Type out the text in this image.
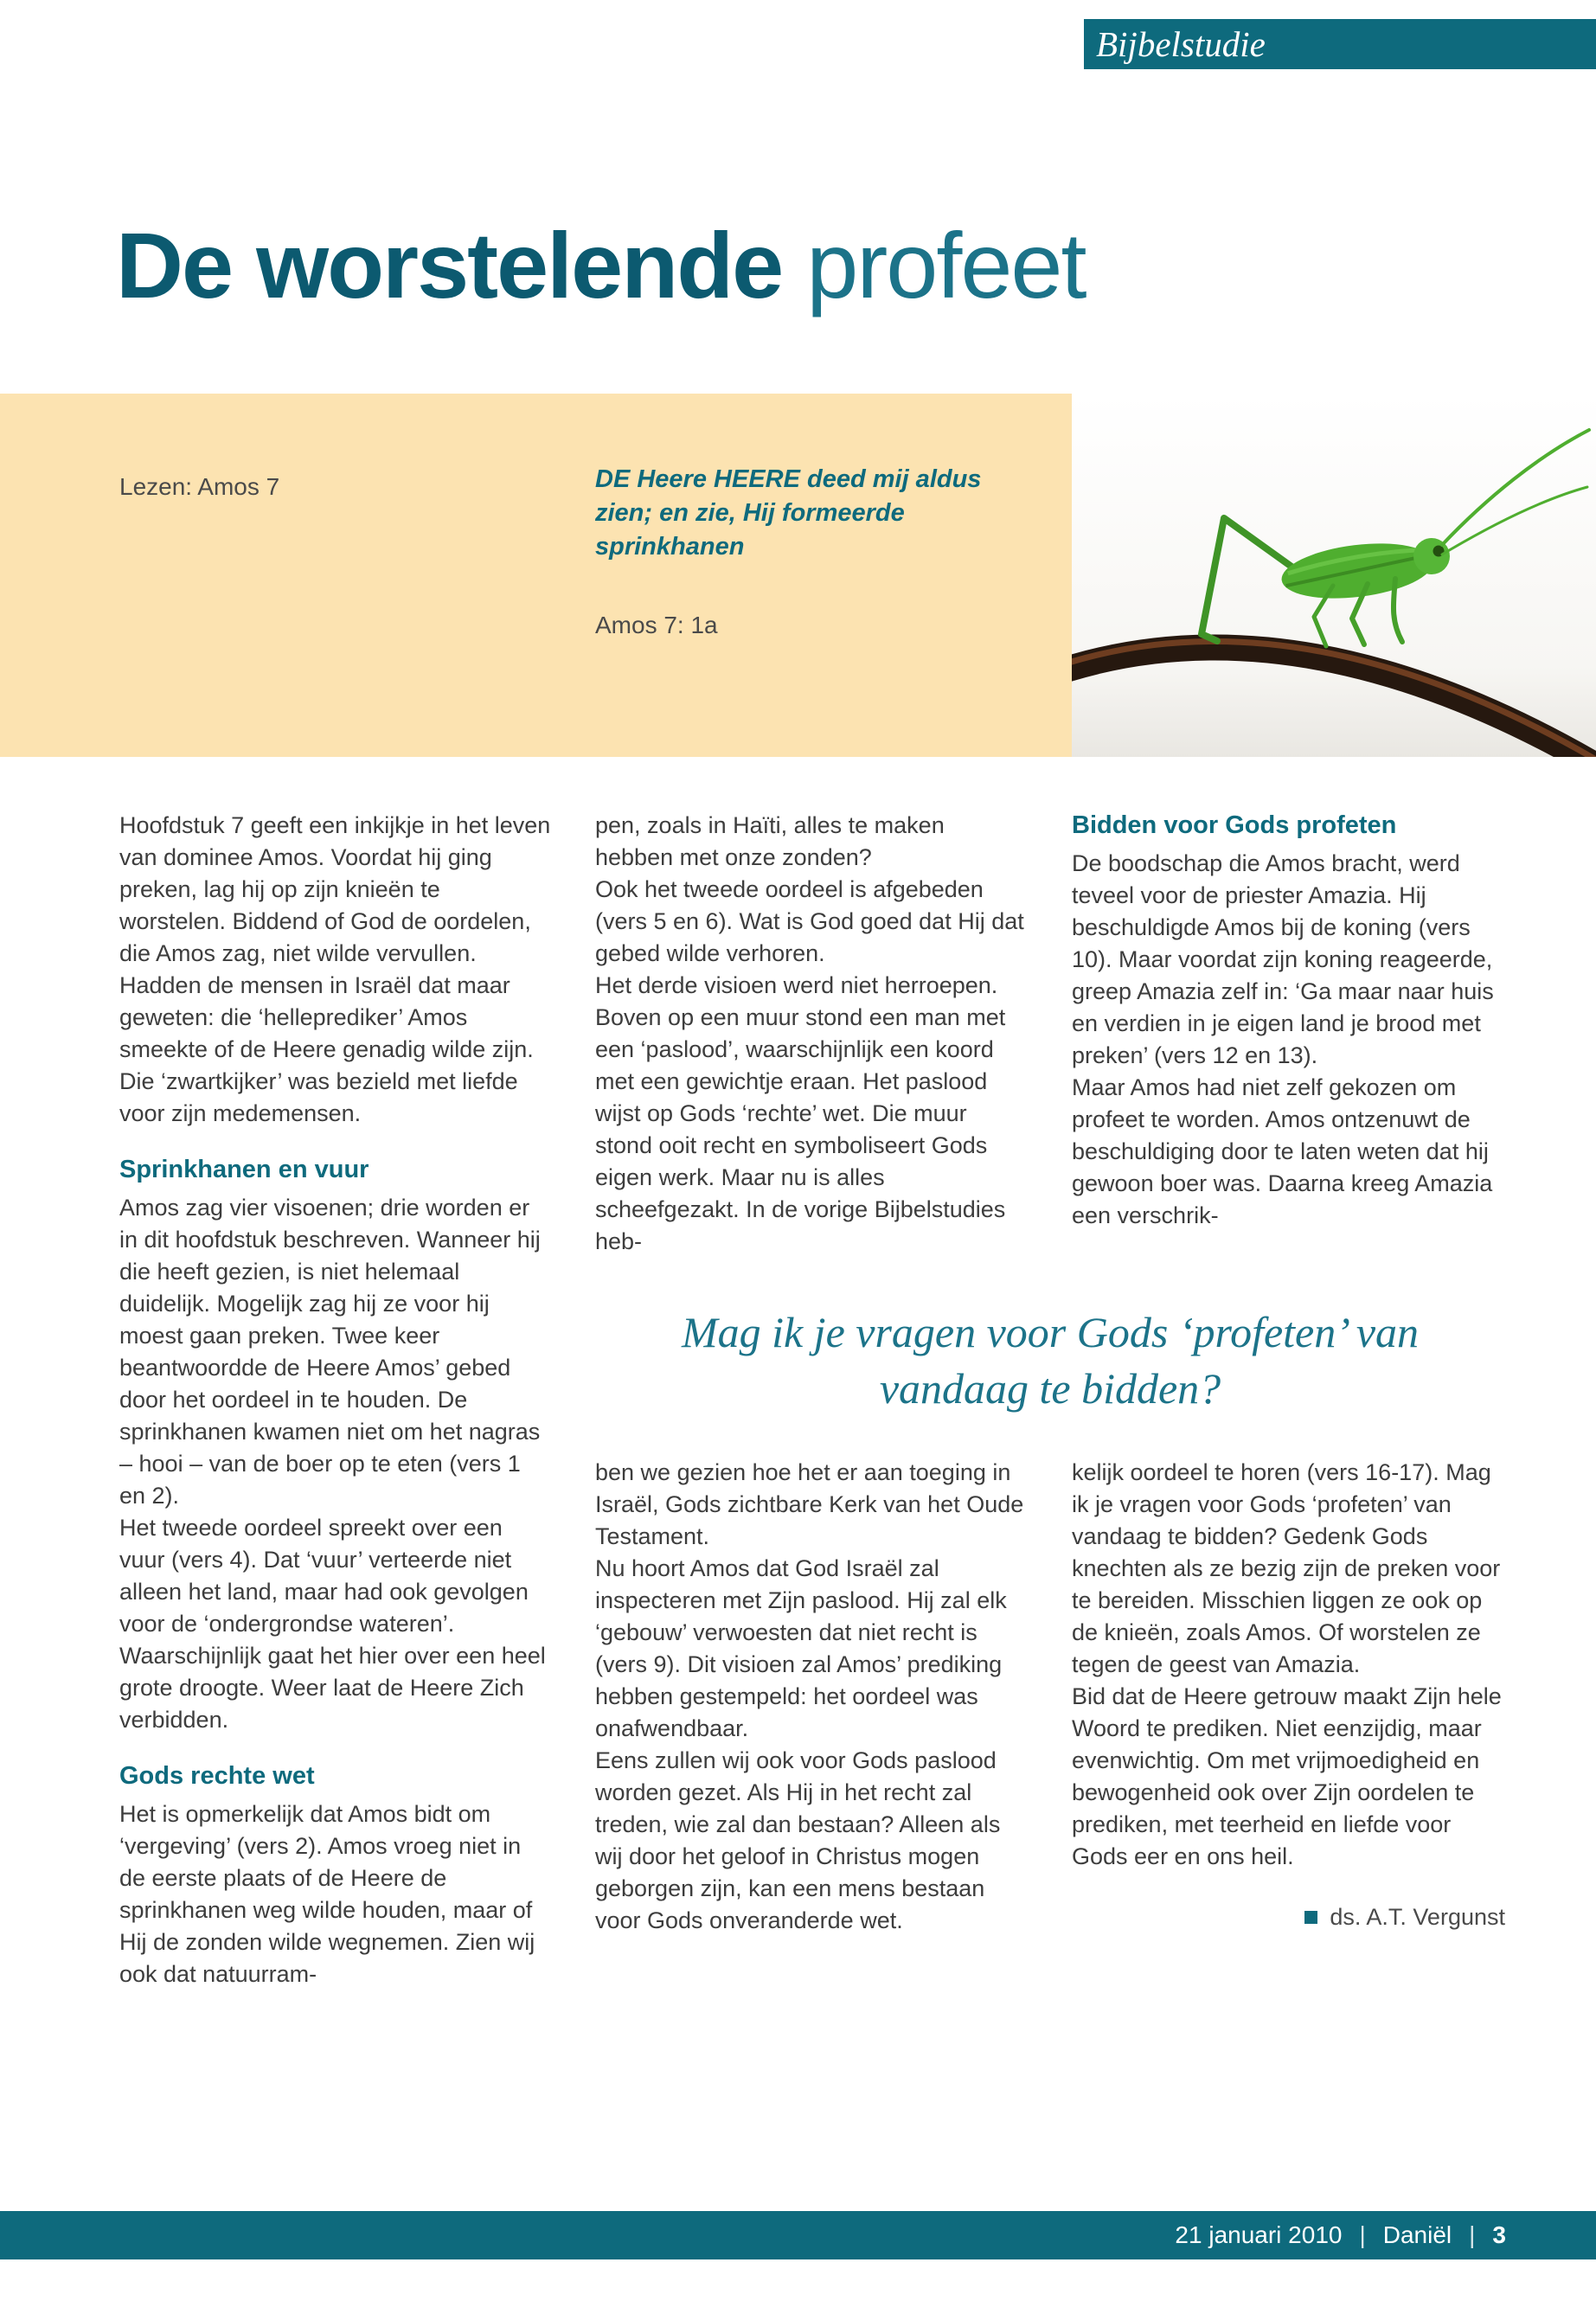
Bijbelstudie
De worstelende profeet
Lezen: Amos 7	DE Heere HEERE deed mij aldus zien; en zie, Hij formeerde sprinkhanen
Amos 7: 1a

Hoofdstuk 7 geeft een inkijkje in het leven van dominee Amos. Voordat hij ging preken, lag hij op zijn knieën te worstelen. Biddend of God de oordelen, die Amos zag, niet wilde vervullen. Hadden de mensen in Israël dat maar geweten: die ‘helleprediker’ Amos smeekte of de Heere genadig wilde zijn. Die ‘zwartkijker’ was bezield met liefde voor zijn medemensen.

Sprinkhanen en vuur

Amos zag vier visoenen; drie worden er in dit hoofdstuk beschreven. Wanneer hij die heeft gezien, is niet helemaal duidelijk. Mogelijk zag hij ze voor hij moest gaan preken. Twee keer beantwoordde de Heere Amos’ gebed door het oordeel in te houden. De sprinkhanen kwamen niet om het nagras – hooi – van de boer op te eten (vers 1 en 2).

Het tweede oordeel spreekt over een vuur (vers 4). Dat ‘vuur’ verteerde niet alleen het land, maar had ook gevolgen voor de ‘ondergrondse wateren’. Waarschijnlijk gaat het hier over een heel grote droogte. Weer laat de Heere Zich verbidden.

Gods rechte wet

Het is opmerkelijk dat Amos bidt om ‘vergeving’ (vers 2). Amos vroeg niet in de eerste plaats of de Heere de sprinkhanen weg wilde houden, maar of Hij de zonden wilde wegnemen. Zien wij ook dat natuurram-

pen, zoals in Haïti, alles te maken hebben met onze zonden?

Ook het tweede oordeel is afgebeden (vers 5 en 6). Wat is God goed dat Hij dat gebed wilde verhoren.

Het derde visioen werd niet herroepen. Boven op een muur stond een man met een ‘paslood’, waarschijnlijk een koord met een gewichtje eraan. Het paslood wijst op Gods ‘rechte’ wet. Die muur stond ooit recht en symboliseert Gods eigen werk. Maar nu is alles scheefgezakt. In de vorige Bijbelstudies heb-

Bidden voor Gods profeten

De boodschap die Amos bracht, werd teveel voor de priester Amazia. Hij beschuldigde Amos bij de koning (vers 10). Maar voordat zijn koning reageerde, greep Amazia zelf in: ‘Ga maar naar huis en verdien in je eigen land je brood met preken’ (vers 12 en 13).

Maar Amos had niet zelf gekozen om profeet te worden. Amos ontzenuwt de beschuldiging door te laten weten dat hij gewoon boer was. Daarna kreeg Amazia een verschrik-

Mag ik je vragen voor Gods ‘profeten’ van vandaag te bidden?

ben we gezien hoe het er aan toeging in Israël, Gods zichtbare Kerk van het Oude Testament.

Nu hoort Amos dat God Israël zal inspecteren met Zijn paslood. Hij zal elk ‘gebouw’ verwoesten dat niet recht is (vers 9). Dit visioen zal Amos’ prediking hebben gestempeld: het oordeel was onafwendbaar.

Eens zullen wij ook voor Gods paslood worden gezet. Als Hij in het recht zal treden, wie zal dan bestaan? Alleen als wij door het geloof in Christus mogen geborgen zijn, kan een mens bestaan voor Gods onveranderde wet.

kelijk oordeel te horen (vers 16-17). Mag ik je vragen voor Gods ‘profeten’ van vandaag te bidden? Gedenk Gods knechten als ze bezig zijn de preken voor te bereiden. Misschien liggen ze ook op de knieën, zoals Amos. Of worstelen ze tegen de geest van Amazia.

Bid dat de Heere getrouw maakt Zijn hele Woord te prediken. Niet eenzijdig, maar evenwichtig. Om met vrijmoedigheid en bewogenheid ook over Zijn oordelen te prediken, met teerheid en liefde voor Gods eer en ons heil.

ds. A.T. Vergunst
21 januari 2010 | Daniël | 3
